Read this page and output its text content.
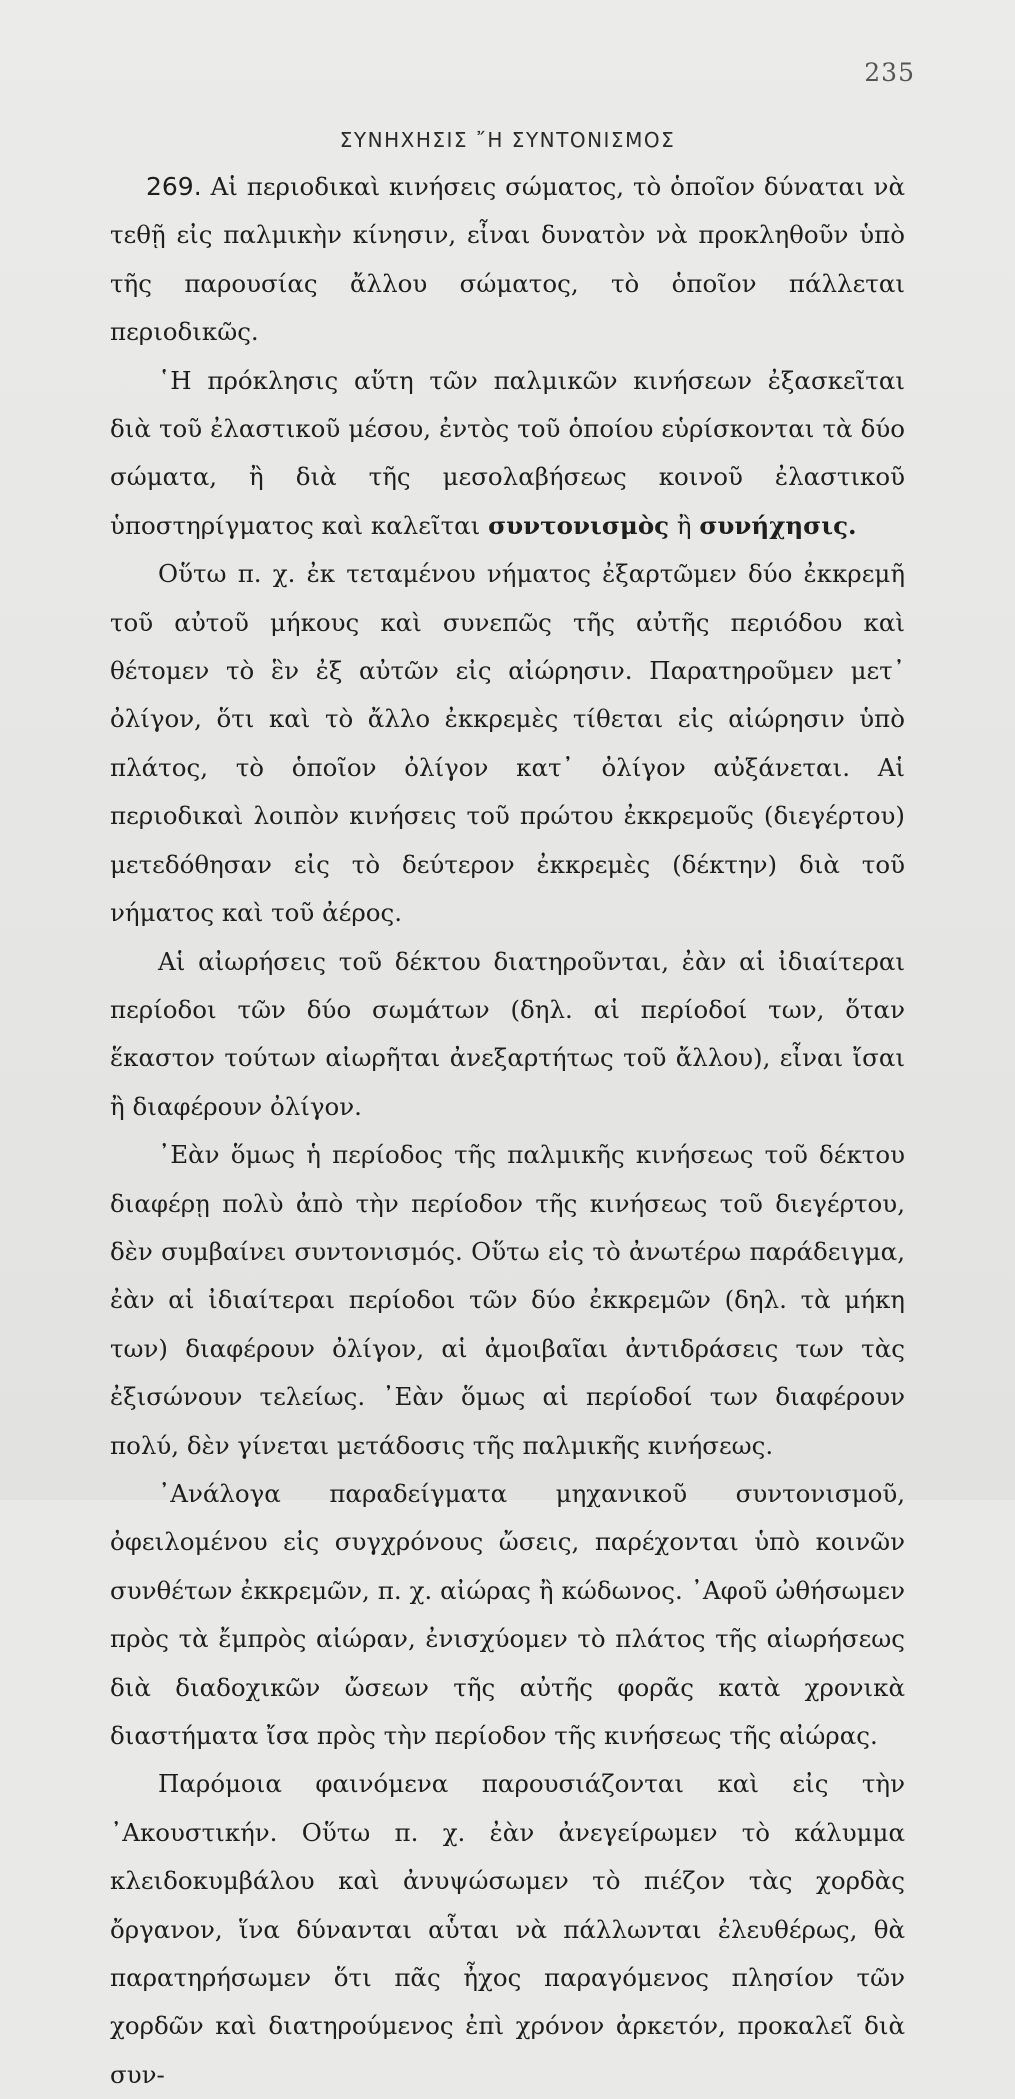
235
ΣΥΝΗΧΗΣΙΣ ῎Η ΣΥΝΤΟΝΙΣΜΟΣ

269. Αἱ περιοδικαὶ κινήσεις σώματος, τὸ ὁποῖον δύναται νὰ τεθῇ εἰς παλμικὴν κίνησιν, εἶναι δυνατὸν νὰ προκληθοῦν ὑπὸ τῆς παρουσίας ἄλλου σώματος, τὸ ὁποῖον πάλλεται περιοδικῶς.

῾Η πρόκλησις αὕτη τῶν παλμικῶν κινήσεων ἐξασκεῖται διὰ τοῦ ἐλαστικοῦ μέσου, ἐντὸς τοῦ ὁποίου εὑρίσκονται τὰ δύο σώματα, ἢ διὰ τῆς μεσολαβήσεως κοινοῦ ἐλαστικοῦ ὑποστηρίγματος καὶ καλεῖται συντονισμὸς ἢ συνήχησις.

Οὕτω π. χ. ἐκ τεταμένου νήματος ἐξαρτῶμεν δύο ἐκκρεμῆ τοῦ αὐτοῦ μήκους καὶ συνεπῶς τῆς αὐτῆς περιόδου καὶ θέτομεν τὸ ἓν ἐξ αὐτῶν εἰς αἰώρησιν. Παρατηροῦμεν μετ᾽ ὀλίγον, ὅτι καὶ τὸ ἄλλο ἐκκρεμὲς τίθεται εἰς αἰώρησιν ὑπὸ πλάτος, τὸ ὁποῖον ὀλίγον κατ᾽ ὀλίγον αὐξάνεται. Αἱ περιοδικαὶ λοιπὸν κινήσεις τοῦ πρώτου ἐκκρεμοῦς (διεγέρτου) μετεδόθησαν εἰς τὸ δεύτερον ἐκκρεμὲς (δέκτην) διὰ τοῦ νήματος καὶ τοῦ ἀέρος.

Αἱ αἰωρήσεις τοῦ δέκτου διατηροῦνται, ἐὰν αἱ ἰδιαίτεραι περίοδοι τῶν δύο σωμάτων (δηλ. αἱ περίοδοί των, ὅταν ἕκαστον τούτων αἰωρῆται ἀνεξαρτήτως τοῦ ἄλλου), εἶναι ἴσαι ἢ διαφέρουν ὀλίγον.

᾽Εὰν ὅμως ἡ περίοδος τῆς παλμικῆς κινήσεως τοῦ δέκτου διαφέρῃ πολὺ ἀπὸ τὴν περίοδον τῆς κινήσεως τοῦ διεγέρτου, δὲν συμβαίνει συντονισμός. Οὕτω εἰς τὸ ἀνωτέρω παράδειγμα, ἐὰν αἱ ἰδιαίτεραι περίοδοι τῶν δύο ἐκκρεμῶν (δηλ. τὰ μήκη των) διαφέρουν ὀλίγον, αἱ ἀμοιβαῖαι ἀντιδράσεις των τὰς ἐξισώνουν τελείως. ᾽Εὰν ὅμως αἱ περίοδοί των διαφέρουν πολύ, δὲν γίνεται μετάδοσις τῆς παλμικῆς κινήσεως.

᾽Ανάλογα παραδείγματα μηχανικοῦ συντονισμοῦ, ὀφειλομένου εἰς συγχρόνους ὤσεις, παρέχονται ὑπὸ κοινῶν συνθέτων ἐκκρεμῶν, π. χ. αἰώρας ἢ κώδωνος. ᾽Αφοῦ ὠθήσωμεν πρὸς τὰ ἔμπρὸς αἰώραν, ἐνισχύομεν τὸ πλάτος τῆς αἰωρήσεως διὰ διαδοχικῶν ὤσεων τῆς αὐτῆς φορᾶς κατὰ χρονικὰ διαστήματα ἴσα πρὸς τὴν περίοδον τῆς κινήσεως τῆς αἰώρας.

Παρόμοια φαινόμενα παρουσιάζονται καὶ εἰς τὴν ᾽Ακουστικήν. Οὕτω π. χ. ἐὰν ἀνεγείρωμεν τὸ κάλυμμα κλειδοκυμβάλου καὶ ἀνυψώσωμεν τὸ πιέζον τὰς χορδὰς ὄργανον, ἵνα δύνανται αὗται νὰ πάλλωνται ἐλευθέρως, θὰ παρατηρήσωμεν ὅτι πᾶς ἦχος παραγόμενος πλησίον τῶν χορδῶν καὶ διατηρούμενος ἐπὶ χρόνον ἀρκετόν, προκαλεῖ διὰ συν-
